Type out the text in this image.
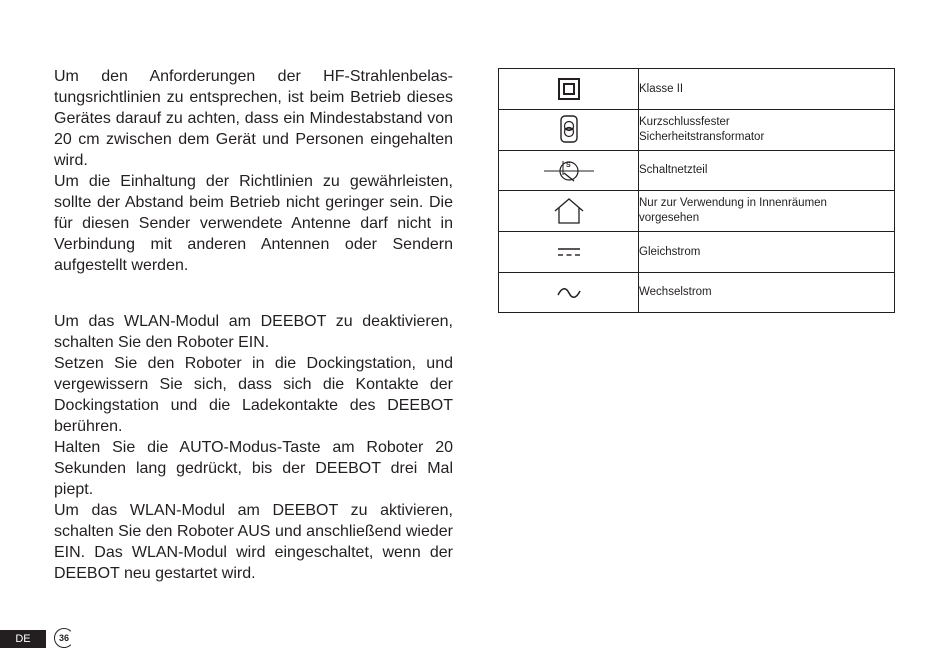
Um den Anforderungen der HF-Strahlenbelastungsrichtlinien zu entsprechen, ist beim Betrieb dieses Gerätes darauf zu achten, dass ein Mindestabstand von 20 cm zwischen dem Gerät und Personen eingehalten wird.

Um die Einhaltung der Richtlinien zu gewährleisten, sollte der Abstand beim Betrieb nicht geringer sein. Die für diesen Sender verwendete Antenne darf nicht in Verbindung mit anderen Antennen oder Sendern aufgestellt werden.

Um das WLAN-Modul am DEEBOT zu deaktivieren, schalten Sie den Roboter EIN.

Setzen Sie den Roboter in die Dockingstation, und vergewissern Sie sich, dass sich die Kontakte der Dockingstation und die Ladekontakte des DEEBOT berühren.

Halten Sie die AUTO-Modus-Taste am Roboter 20 Sekunden lang gedrückt, bis der DEEBOT drei Mal piept.

Um das WLAN-Modul am DEEBOT zu aktivieren, schalten Sie den Roboter AUS und anschließend wieder EIN. Das WLAN-Modul wird eingeschaltet, wenn der DEEBOT neu gestartet wird.

	Klasse II

	Kurzschlussfester
Sicherheitstransformator

S	Schaltnetzteil

	Nur zur Verwendung in Innenräumen
vorgesehen

	Gleichstrom

	Wechselstrom
DE	36
